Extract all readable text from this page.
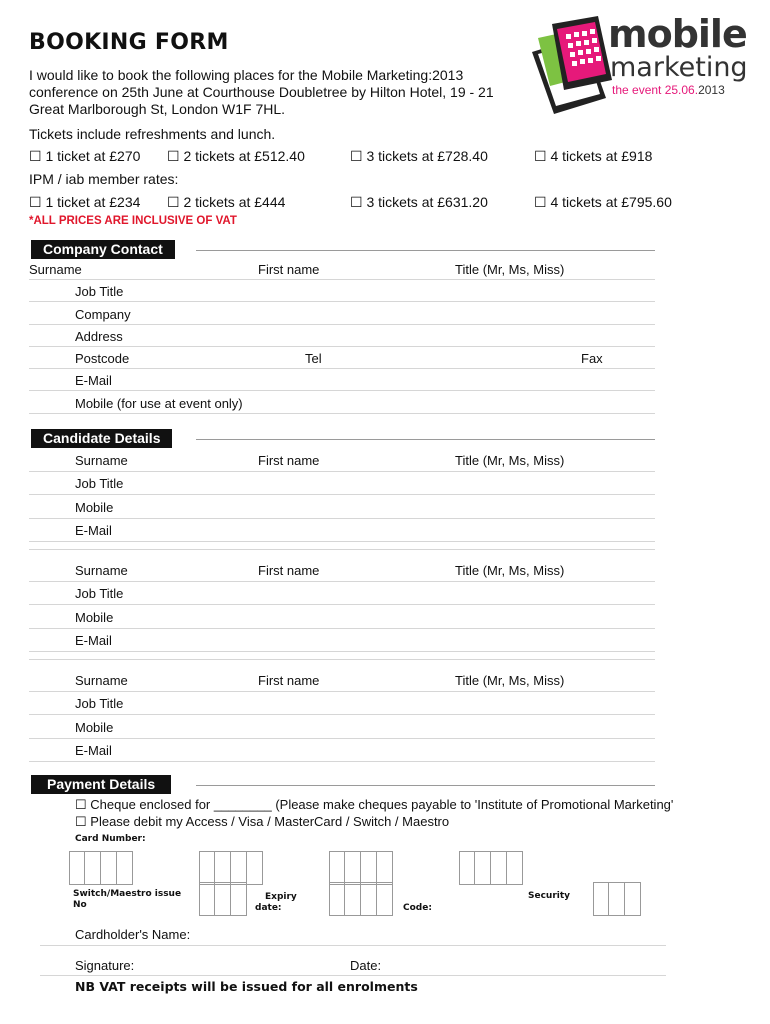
BOOKING FORM
I would like to book the following places for the Mobile Marketing:2013 conference on 25th June at Courthouse Doubletree by Hilton Hotel, 19 - 21 Great Marlborough St, London W1F 7HL.
mobile
marketing
the event 25.06.2013
Tickets include refreshments and lunch.
☐ 1 ticket at £270 ☐ 2 tickets at £512.40	☐ 3 tickets at £728.40	☐ 4 tickets at £918
IPM / iab member rates:
☐ 1 ticket at £234 ☐ 2 tickets at £444	☐ 3 tickets at £631.20	☐ 4 tickets at £795.60
*ALL PRICES ARE INCLUSIVE OF VAT
Company Contact
Surname	First name	Title (Mr, Ms, Miss)
Job Title
Company
Address
Postcode	Tel	Fax
E-Mail
Mobile (for use at event only)
Candidate Details
Surname	First name	Title (Mr, Ms, Miss)
Job Title
Mobile
E-Mail
Surname	First name	Title (Mr, Ms, Miss)
Job Title
Mobile
E-Mail
Surname	First name	Title (Mr, Ms, Miss)
Job Title
Mobile
E-Mail
Payment Details
☐ Cheque enclosed for ________ (Please make cheques payable to 'Institute of Promotional Marketing'
☐ Please debit my Access / Visa / MasterCard / Switch / Maestro
Card Number:
Switch/Maestro issue
No
Expiry
date:	Code:
Security
Cardholder's Name:
Signature:	Date:
NB VAT receipts will be issued for all enrolments
